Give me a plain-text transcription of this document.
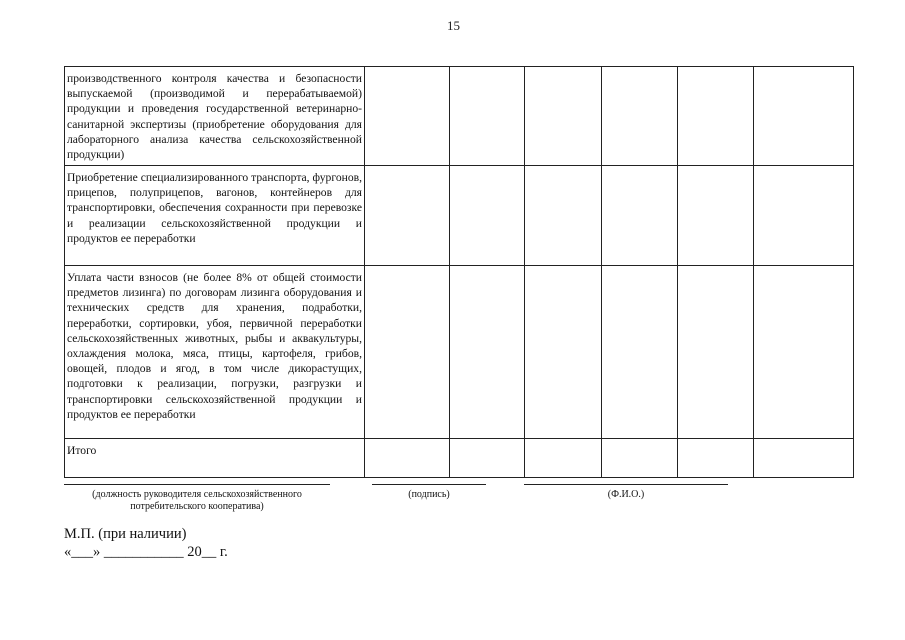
15
производственного контроля качества и безопасности выпускаемой (производимой и перерабатываемой) продукции и проведения государственной ветеринарно-санитарной экспертизы (приобретение оборудования для лабораторного анализа качества сельскохозяйственной продукции)						
Приобретение специализированного транспорта, фургонов, прицепов, полуприцепов, вагонов, контейнеров для транспортировки, обеспечения сохранности при перевозке и реализации сельскохозяйственной продукции и продуктов ее переработки						
Уплата части взносов (не более 8% от общей стоимости предметов лизинга) по договорам лизинга оборудования и технических средств для хранения, подработки, переработки, сортировки, убоя, первичной переработки сельскохозяйственных животных, рыбы и аквакультуры, охлаждения молока, мяса, птицы, картофеля, грибов, овощей, плодов и ягод, в том числе дикорастущих, подготовки к реализации, погрузки, разгрузки и транспортировки сельскохозяйственной продукции и продуктов ее переработки						
Итого						
(должность руководителя сельскохозяйственного потребительского кооператива)
(подпись)	(Ф.И.О.)
М.П. (при наличии)
«___» ___________ 20__ г.
